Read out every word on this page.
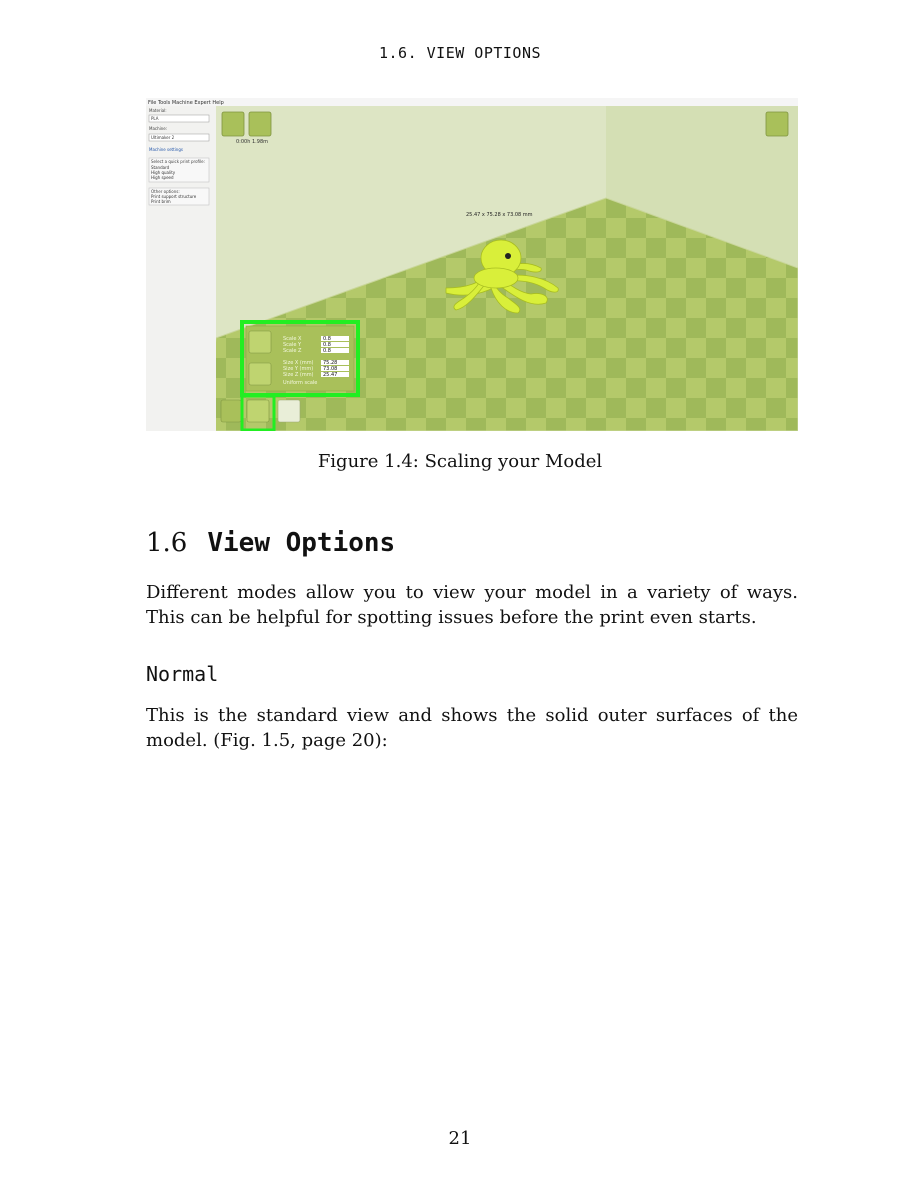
1.6. VIEW OPTIONS
File Tools Machine Expert Help
Material:
PLA
Machine:
Ultimaker 2
Machine settings
Select a quick print profile:
Standard
High quality
High speed
Other options:
Print support structure
Print brim
0:00h 1.98m
25.47 x 75.28 x 73.08 mm
Scale X
Scale Y
Scale Z
Size X (mm)
Size Y (mm)
Size Z (mm)
Uniform scale
0.8
0.8
0.8
75.28
73.08
25.47
Figure 1.4: Scaling your Model
1.6 View Options
Different modes allow you to view your model in a variety of ways. This can be helpful for spotting issues before the print even starts.
Normal
This is the standard view and shows the solid outer surfaces of the model. (Fig. 1.5, page 20):
21
